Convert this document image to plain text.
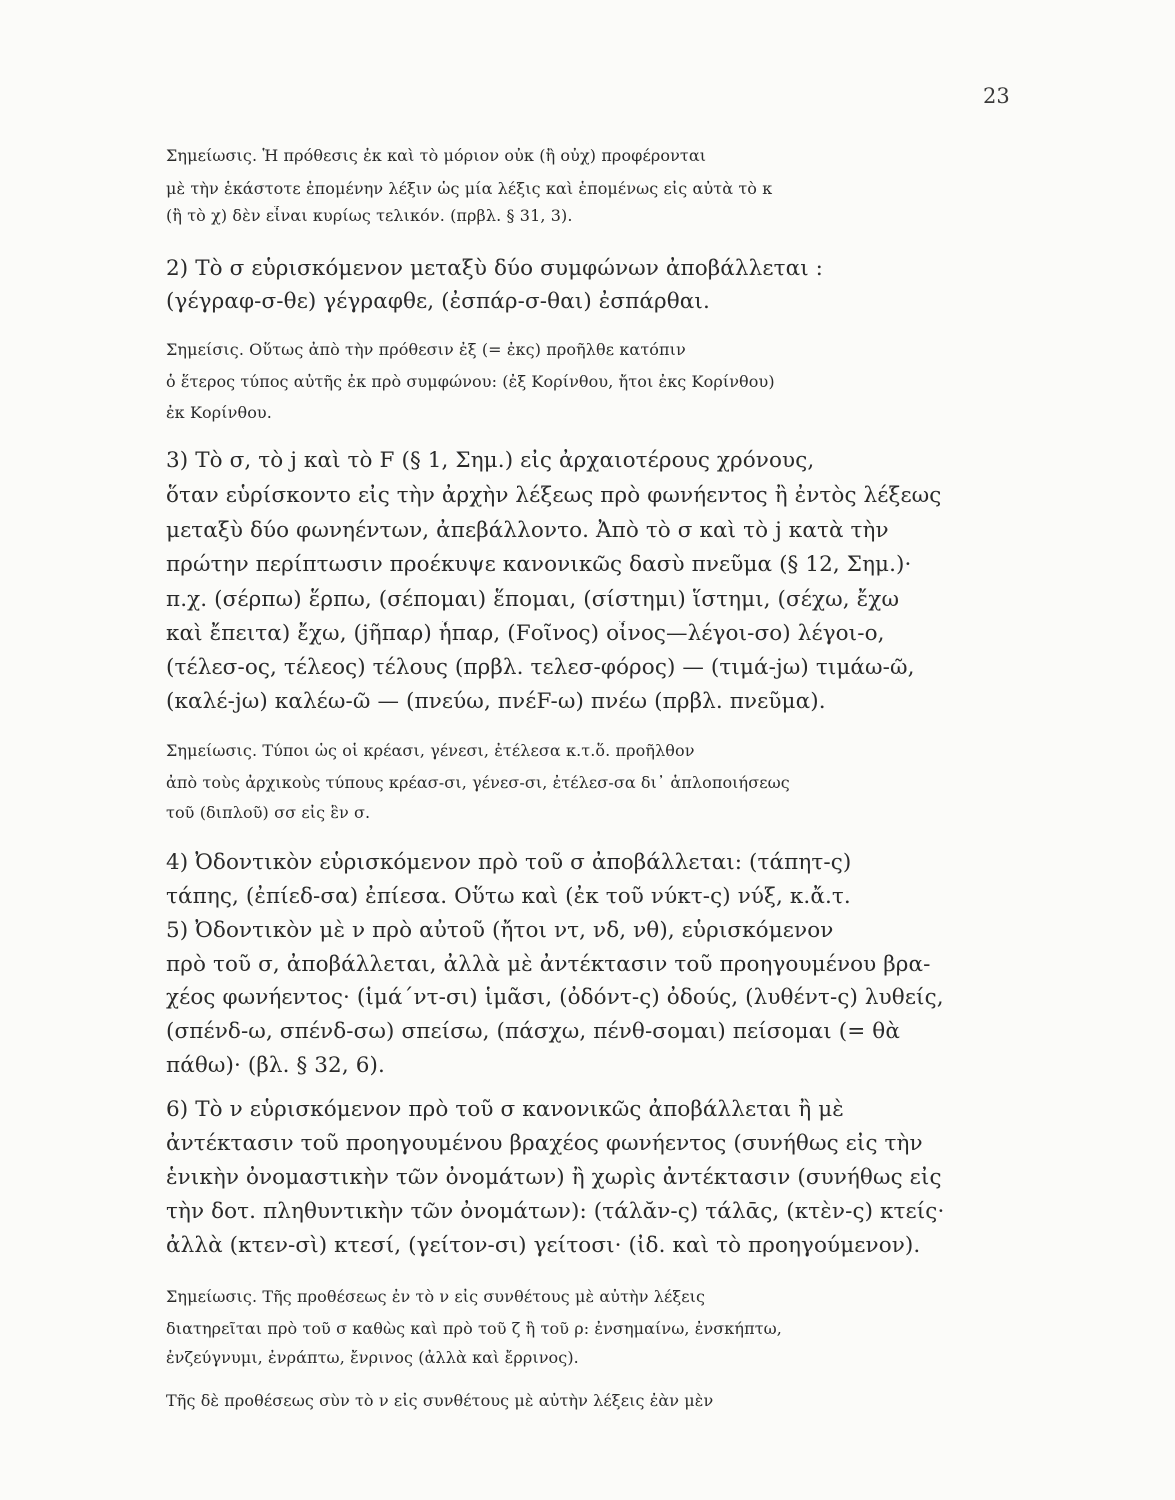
23
Σημείωσις. Ἡ πρόθεσις ἐκ καὶ τὸ μόριον οὐκ (ἢ οὐχ) προφέρονται
μὲ τὴν ἑκάστοτε ἑπομένην λέξιν ὡς μία λέξις καὶ ἑπομένως εἰς αὐτὰ τὸ κ
(ἢ τὸ χ) δὲν εἶναι κυρίως τελικόν. (πρβλ. § 31, 3).
2) Τὸ σ εὑρισκόμενον μεταξὺ δύο συμφώνων ἀποβάλλεται :
(γέγραφ-σ-θε) γέγραφθε, (ἐσπάρ-σ-θαι) ἐσπάρθαι.
Σημείσις. Οὕτως ἀπὸ τὴν πρόθεσιν ἐξ (= ἐκς) προῆλθε κατόπιν
ὁ ἕτερος τύπος αὐτῆς ἐκ πρὸ συμφώνου: (ἐξ Κορίνθου, ἤτοι ἐκς Κορίνθου)
ἐκ Κορίνθου.
3) Τὸ σ, τὸ j καὶ τὸ F (§ 1, Σημ.) εἰς ἀρχαιοτέρους χρόνους,
ὅταν εὑρίσκοντο εἰς τὴν ἀρχὴν λέξεως πρὸ φωνήεντος ἢ ἐντὸς λέξεως
μεταξὺ δύο φωνηέντων, ἀπεβάλλοντο. Ἀπὸ τὸ σ καὶ τὸ j κατὰ τὴν
πρώτην περίπτωσιν προέκυψε κανονικῶς δασὺ πνεῦμα (§ 12, Σημ.)·
π.χ. (σέρπω) ἕρπω, (σέπομαι) ἕπομαι, (σίστημι) ἵστημι, (σέχω, ἔχω
καὶ ἔπειτα) ἔχω, (jῆπαρ) ἧπαρ, (Fοῖνος) οἶνος—λέγοι-σο) λέγοι-ο,
(τέλεσ-ος, τέλεος) τέλους (πρβλ. τελεσ-φόρος) — (τιμά-jω) τιμάω-ῶ,
(καλέ-jω) καλέω-ῶ — (πνεύω, πνέF-ω) πνέω (πρβλ. πνεῦμα).
Σημείωσις. Τύποι ὡς οἱ κρέασι, γένεσι, ἐτέλεσα κ.τ.ὅ. προῆλθον
ἀπὸ τοὺς ἀρχικοὺς τύπους κρέασ-σι, γένεσ-σι, ἐτέλεσ-σα δι᾽ ἁπλοποιήσεως
τοῦ (διπλοῦ) σσ εἰς ἓν σ.
4) Ὀδοντικὸν εὑρισκόμενον πρὸ τοῦ σ ἀποβάλλεται: (τάπητ-ς)
τάπης, (ἐπίεδ-σα) ἐπίεσα. Οὕτω καὶ (ἐκ τοῦ νύκτ-ς) νύξ, κ.ἄ.τ.
5) Ὀδοντικὸν μὲ ν πρὸ αὐτοῦ (ἤτοι ντ, νδ, νθ), εὑρισκόμενον
πρὸ τοῦ σ, ἀποβάλλεται, ἀλλὰ μὲ ἀντέκτασιν τοῦ προηγουμένου βρα-
χέος φωνήεντος· (ἱμά΄ντ-σι) ἱμᾶσι, (ὀδόντ-ς) ὀδούς, (λυθέντ-ς) λυθείς,
(σπένδ-ω, σπένδ-σω) σπείσω, (πάσχω, πένθ-σομαι) πείσομαι (= θὰ
πάθω)· (βλ. § 32, 6).
6) Τὸ ν εὑρισκόμενον πρὸ τοῦ σ κανονικῶς ἀποβάλλεται ἢ μὲ
ἀντέκτασιν τοῦ προηγουμένου βραχέος φωνήεντος (συνήθως εἰς τὴν
ἑνικὴν ὀνομαστικὴν τῶν ὀνομάτων) ἢ χωρὶς ἀντέκτασιν (συνήθως εἰς
τὴν δοτ. πληθυντικὴν τῶν ὀνομάτων): (τάλᾰν-ς) τάλᾱς, (κτὲν-ς) κτείς·
ἀλλὰ (κτεν-σὶ) κτεσί, (γείτον-σι) γείτοσι· (ἰδ. καὶ τὸ προηγούμενον).
Σημείωσις. Τῆς προθέσεως ἐν τὸ ν εἰς συνθέτους μὲ αὐτὴν λέξεις
διατηρεῖται πρὸ τοῦ σ καθὼς καὶ πρὸ τοῦ ζ ἢ τοῦ ρ: ἐνσημαίνω, ἐνσκήπτω,
ἐνζεύγνυμι, ἐνράπτω, ἔνρινος (ἀλλὰ καὶ ἔρρινος).
Τῆς δὲ προθέσεως σὺν τὸ ν εἰς συνθέτους μὲ αὐτὴν λέξεις ἐὰν μὲν
